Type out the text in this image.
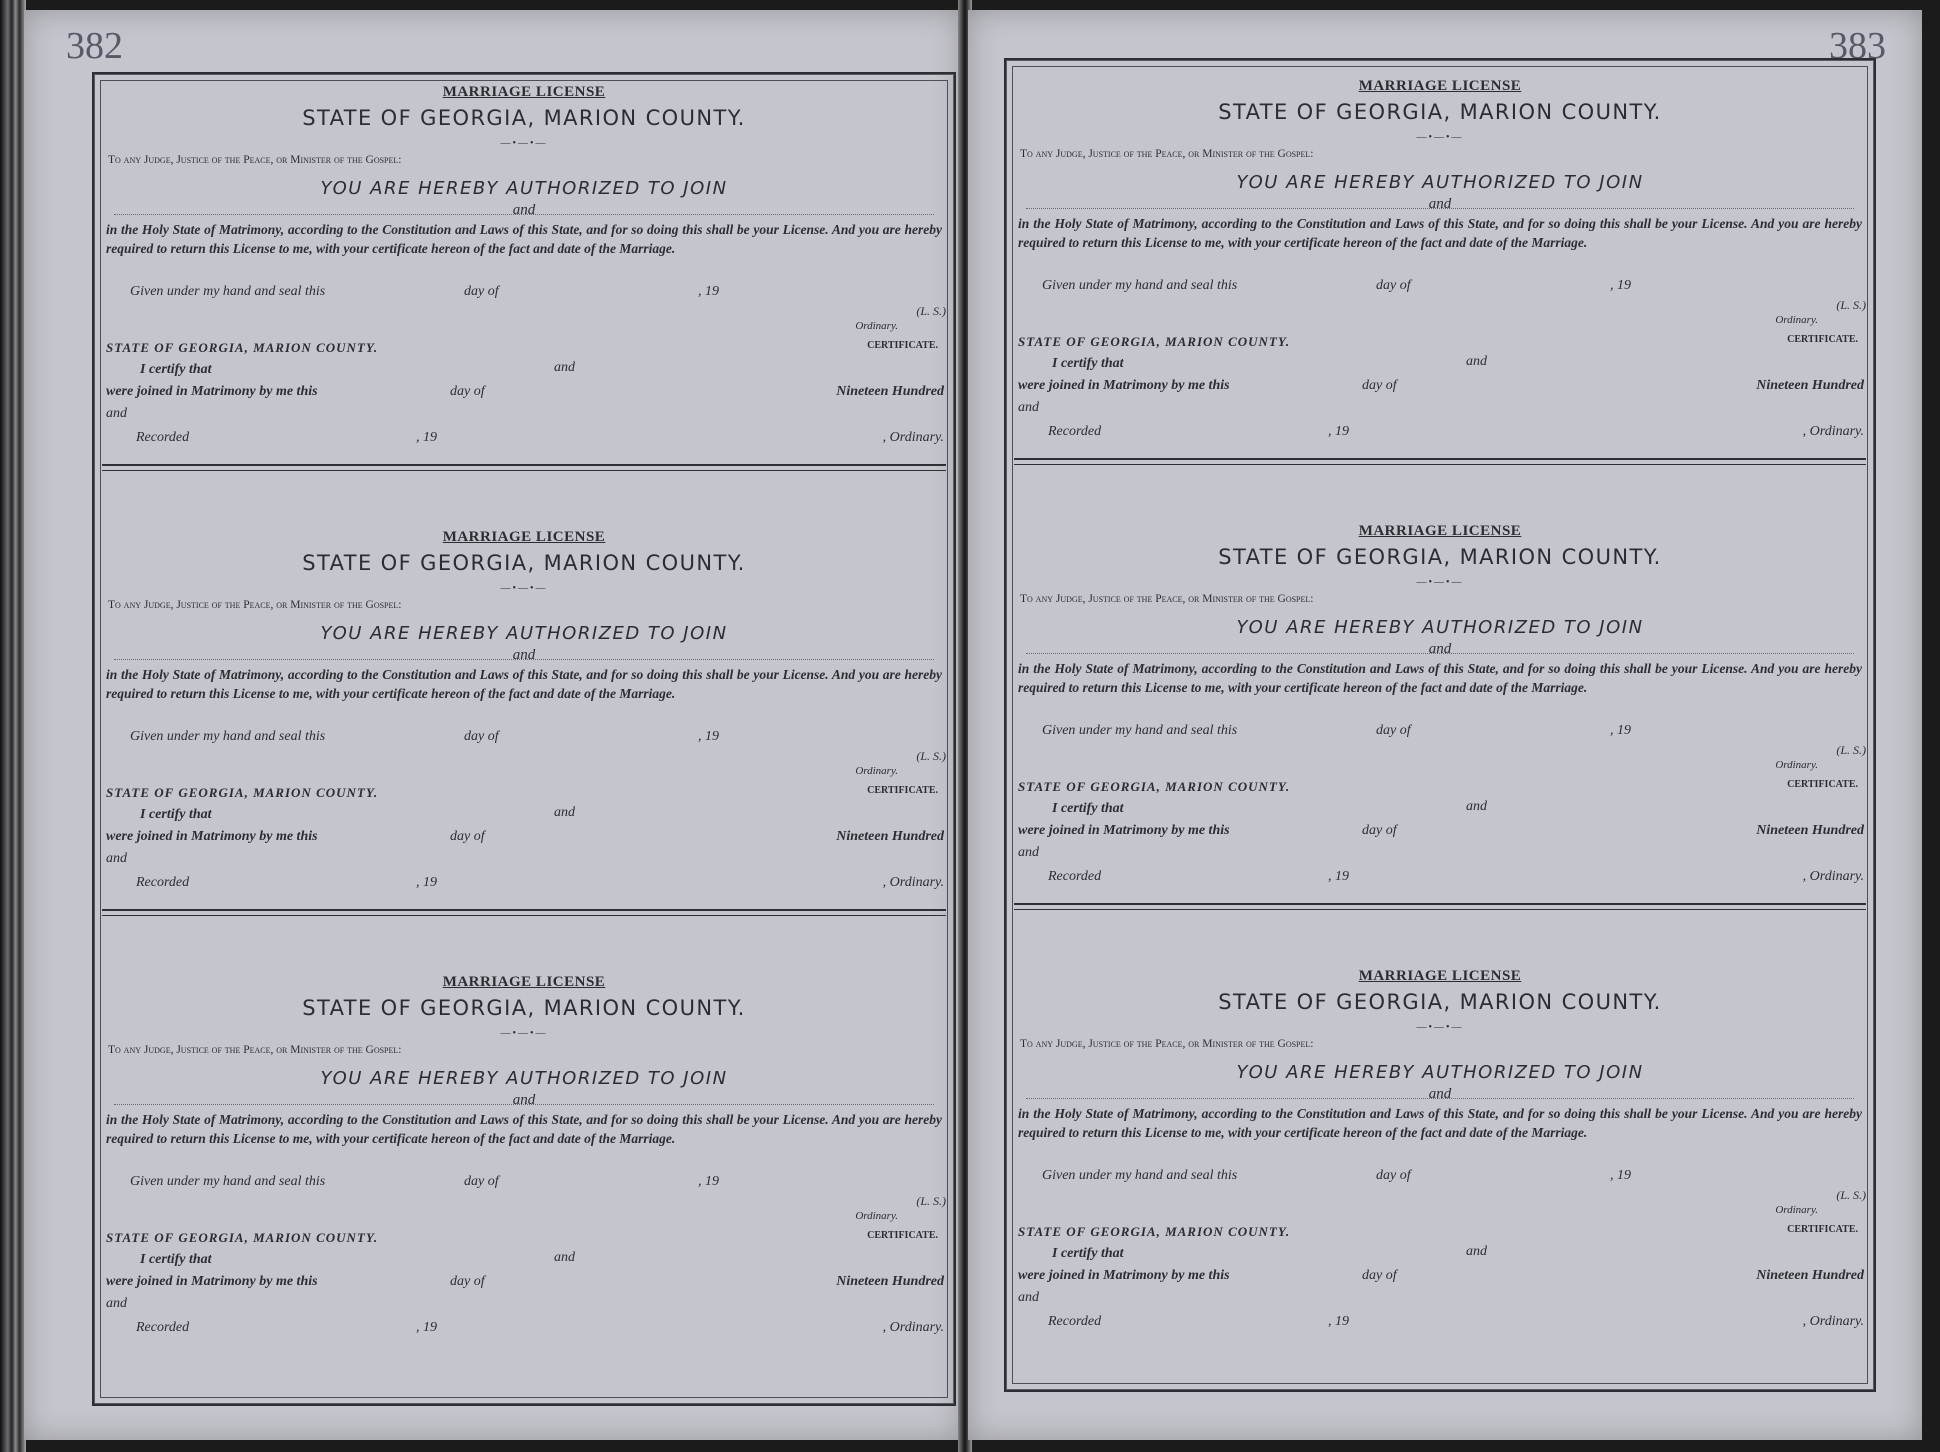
382
MARRIAGE LICENSE
STATE OF GEORGIA, MARION COUNTY.
—•—•—
To any Judge, Justice of the Peace, or Minister of the Gospel:
YOU ARE HEREBY AUTHORIZED TO JOIN
and
in the Holy State of Matrimony, according to the Constitution and Laws of this State, and for so doing this shall be your License. And you are hereby required to return this License to me, with your certificate hereon of the fact and date of the Marriage.
Given under my hand and seal this	day of	, 19
(L. S.)
Ordinary.
STATE OF GEORGIA, MARION COUNTY.	CERTIFICATE.
I certify that	and
were joined in Matrimony by me this	day of	Nineteen Hundred
and
Recorded	, 19	, Ordinary.
MARRIAGE LICENSE
STATE OF GEORGIA, MARION COUNTY.
—•—•—
To any Judge, Justice of the Peace, or Minister of the Gospel:
YOU ARE HEREBY AUTHORIZED TO JOIN
and
in the Holy State of Matrimony, according to the Constitution and Laws of this State, and for so doing this shall be your License. And you are hereby required to return this License to me, with your certificate hereon of the fact and date of the Marriage.
Given under my hand and seal this	day of	, 19
(L. S.)
Ordinary.
STATE OF GEORGIA, MARION COUNTY.	CERTIFICATE.
I certify that	and
were joined in Matrimony by me this	day of	Nineteen Hundred
and
Recorded	, 19	, Ordinary.
MARRIAGE LICENSE
STATE OF GEORGIA, MARION COUNTY.
—•—•—
To any Judge, Justice of the Peace, or Minister of the Gospel:
YOU ARE HEREBY AUTHORIZED TO JOIN
and
in the Holy State of Matrimony, according to the Constitution and Laws of this State, and for so doing this shall be your License. And you are hereby required to return this License to me, with your certificate hereon of the fact and date of the Marriage.
Given under my hand and seal this	day of	, 19
(L. S.)
Ordinary.
STATE OF GEORGIA, MARION COUNTY.	CERTIFICATE.
I certify that	and
were joined in Matrimony by me this	day of	Nineteen Hundred
and
Recorded	, 19	, Ordinary.
383
MARRIAGE LICENSE
STATE OF GEORGIA, MARION COUNTY.
—•—•—
To any Judge, Justice of the Peace, or Minister of the Gospel:
YOU ARE HEREBY AUTHORIZED TO JOIN
and
in the Holy State of Matrimony, according to the Constitution and Laws of this State, and for so doing this shall be your License. And you are hereby required to return this License to me, with your certificate hereon of the fact and date of the Marriage.
Given under my hand and seal this	day of	, 19
(L. S.)
Ordinary.
STATE OF GEORGIA, MARION COUNTY.	CERTIFICATE.
I certify that	and
were joined in Matrimony by me this	day of	Nineteen Hundred
and
Recorded	, 19	, Ordinary.
MARRIAGE LICENSE
STATE OF GEORGIA, MARION COUNTY.
—•—•—
To any Judge, Justice of the Peace, or Minister of the Gospel:
YOU ARE HEREBY AUTHORIZED TO JOIN
and
in the Holy State of Matrimony, according to the Constitution and Laws of this State, and for so doing this shall be your License. And you are hereby required to return this License to me, with your certificate hereon of the fact and date of the Marriage.
Given under my hand and seal this	day of	, 19
(L. S.)
Ordinary.
STATE OF GEORGIA, MARION COUNTY.	CERTIFICATE.
I certify that	and
were joined in Matrimony by me this	day of	Nineteen Hundred
and
Recorded	, 19	, Ordinary.
MARRIAGE LICENSE
STATE OF GEORGIA, MARION COUNTY.
—•—•—
To any Judge, Justice of the Peace, or Minister of the Gospel:
YOU ARE HEREBY AUTHORIZED TO JOIN
and
in the Holy State of Matrimony, according to the Constitution and Laws of this State, and for so doing this shall be your License. And you are hereby required to return this License to me, with your certificate hereon of the fact and date of the Marriage.
Given under my hand and seal this	day of	, 19
(L. S.)
Ordinary.
STATE OF GEORGIA, MARION COUNTY.	CERTIFICATE.
I certify that	and
were joined in Matrimony by me this	day of	Nineteen Hundred
and
Recorded	, 19	, Ordinary.
